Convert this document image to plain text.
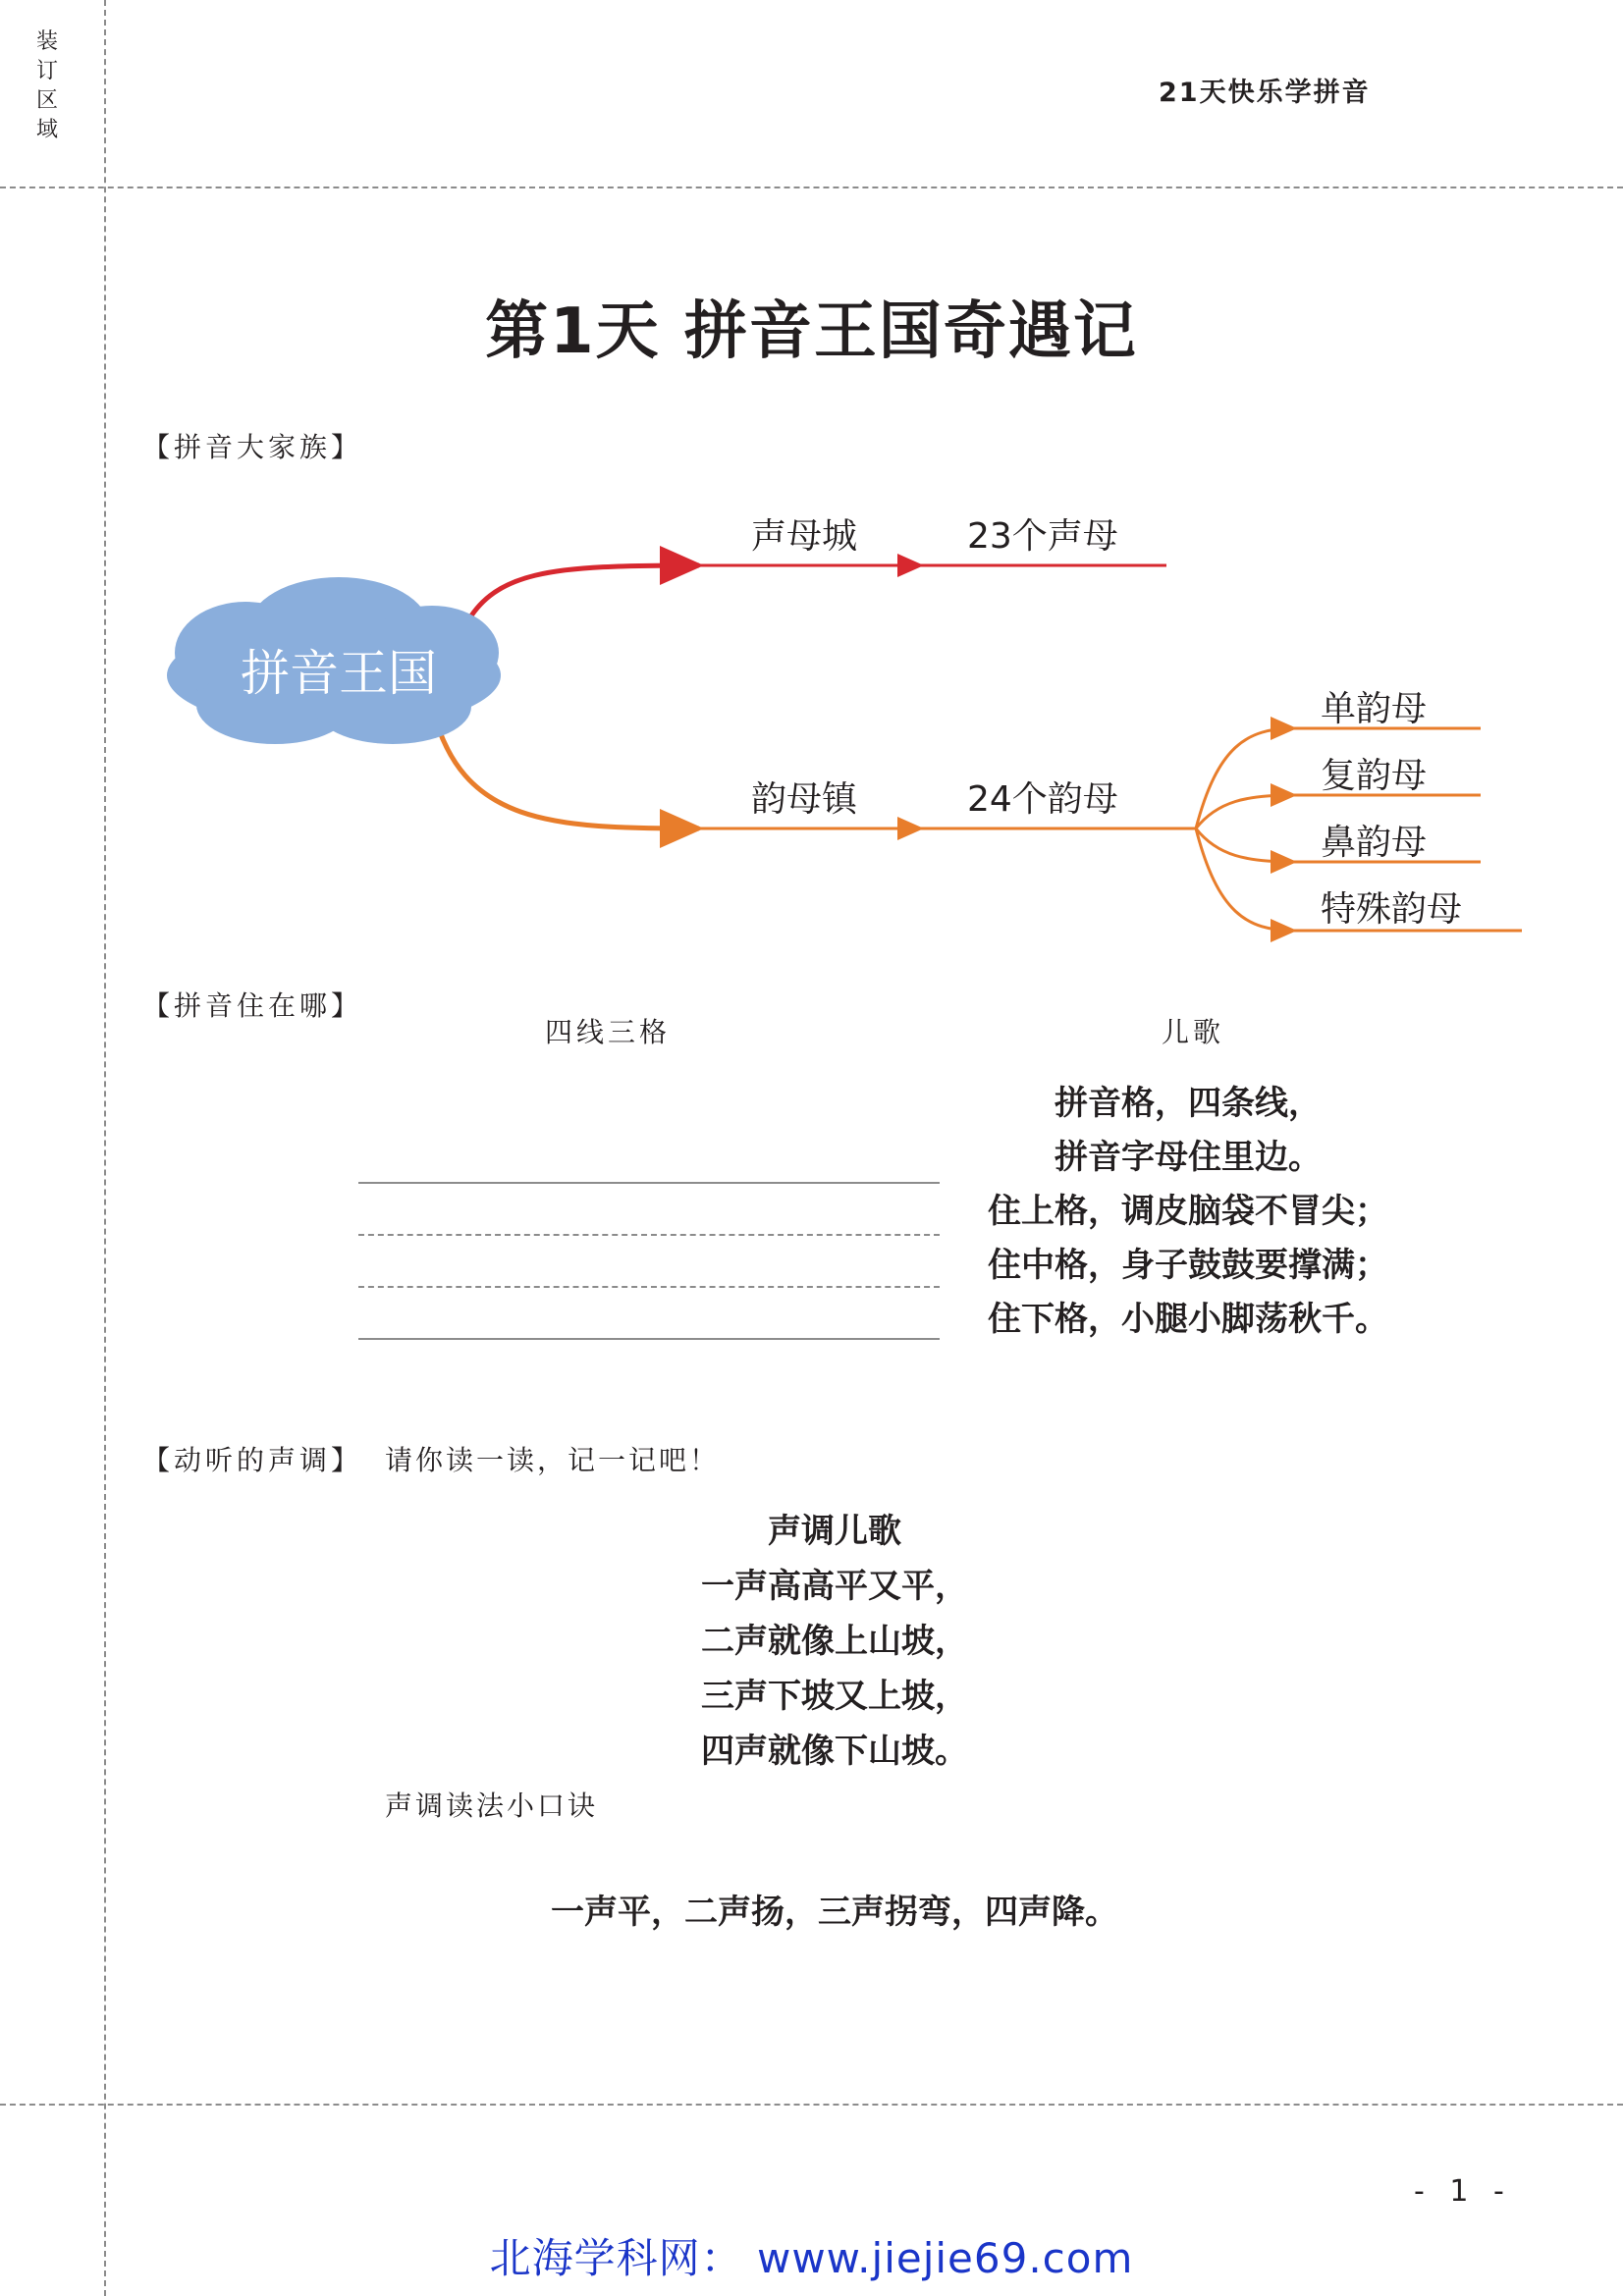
装
订
区
域
21天快乐学拼音
第1天 拼音王国奇遇记
【拼音大家族】
拼音王国
声母城	23个声母
韵母镇	24个韵母
单韵母
复韵母
鼻韵母
特殊韵母
【拼音住在哪】
四线三格	儿歌
拼音格，四条线，
拼音字母住里边。
住上格，调皮脑袋不冒尖；
住中格，身子鼓鼓要撑满；
住下格，小腿小脚荡秋千。
【动听的声调】 请你读一读，记一记吧！
声调儿歌
一声高高平又平，
二声就像上山坡，
三声下坡又上坡，
四声就像下山坡。
声调读法小口诀
一声平，二声扬，三声拐弯，四声降。
- 1 -
北海学科网： www.jiejie69.com
